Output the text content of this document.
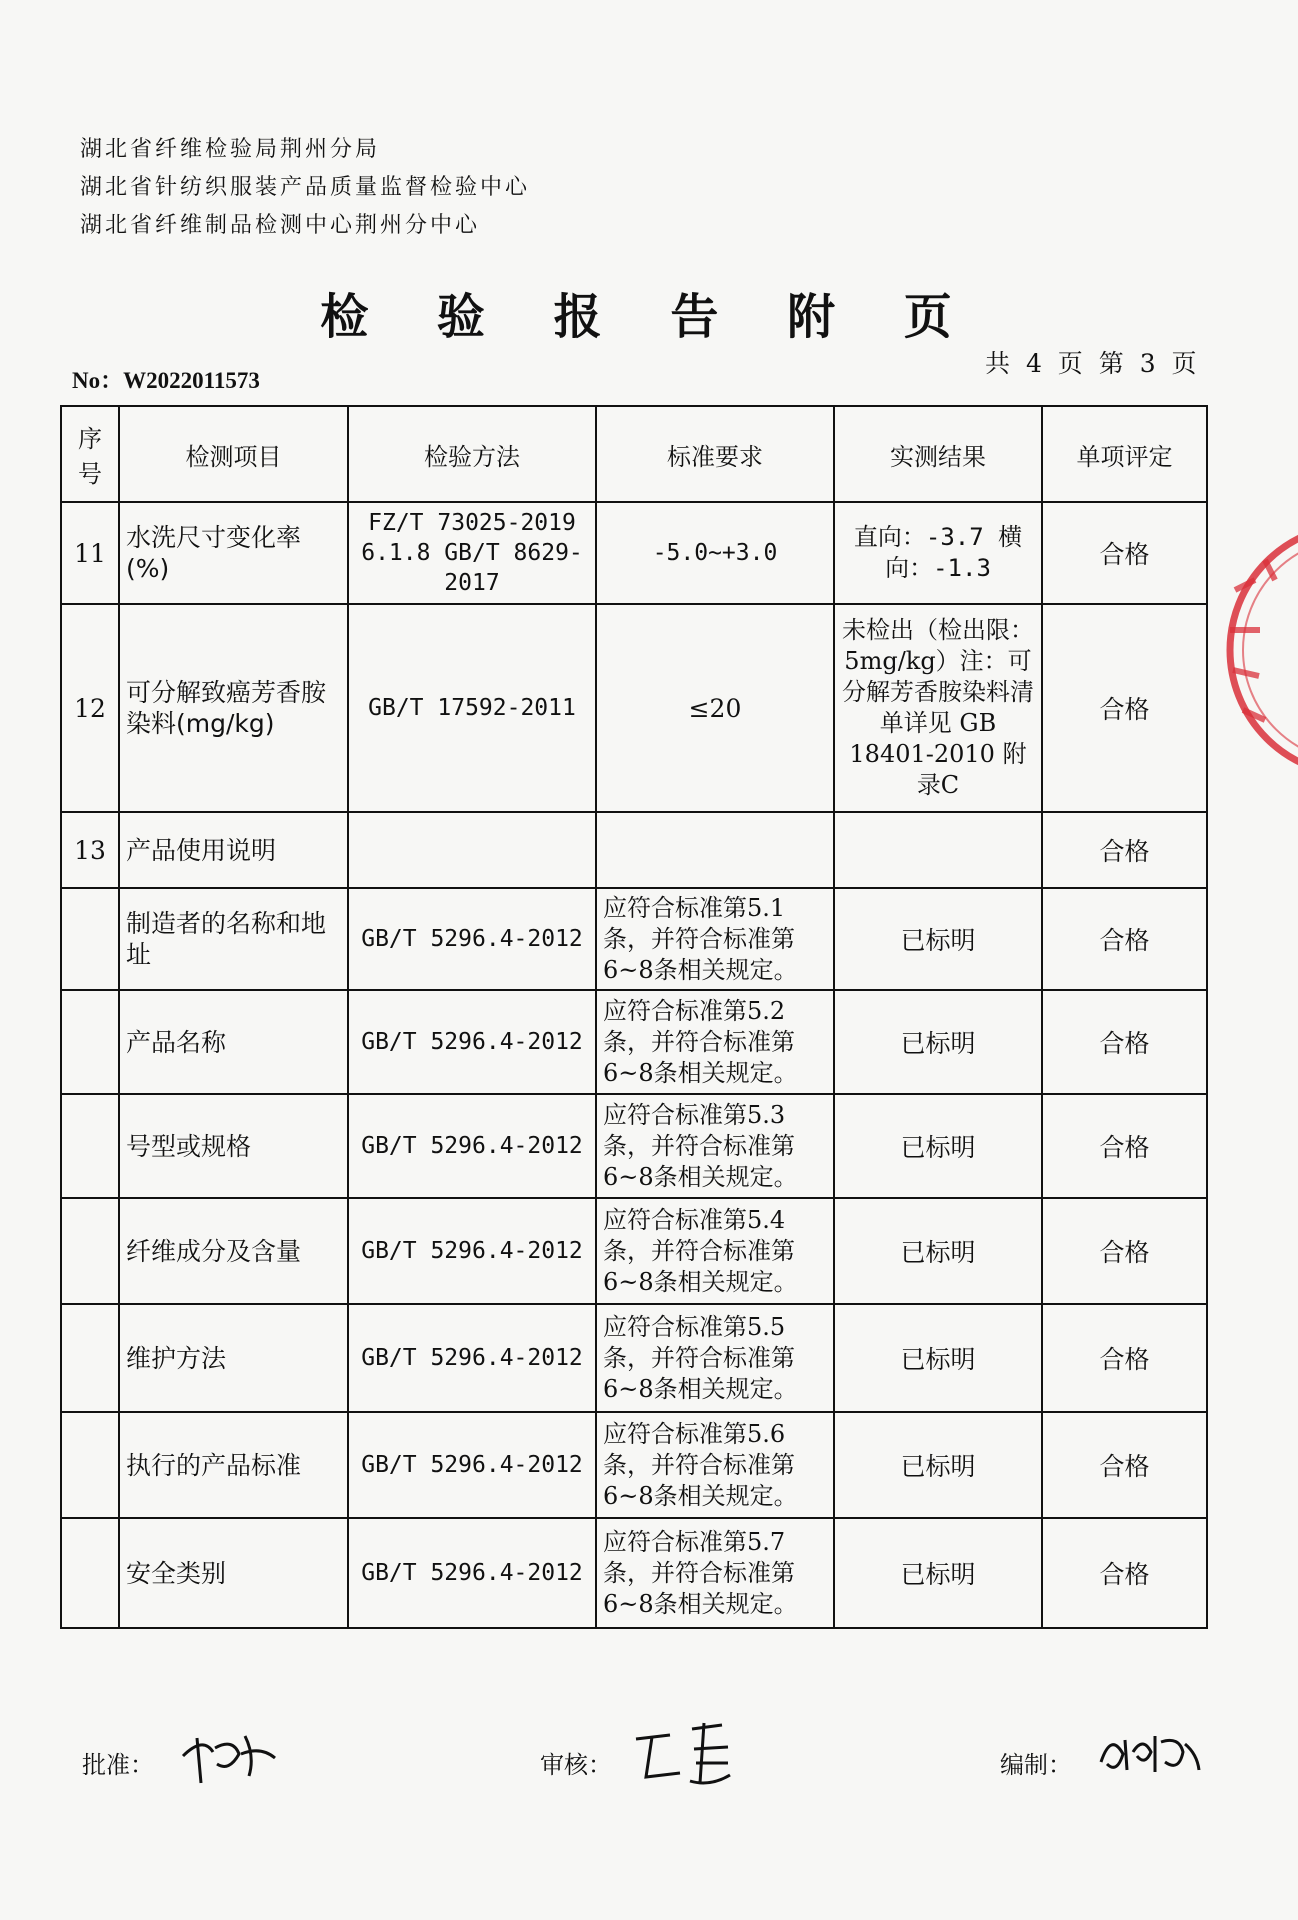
湖北省纤维检验局荆州分局
湖北省针纺织服装产品质量监督检验中心
湖北省纤维制品检测中心荆州分中心
检 验 报 告 附 页
No：W2022011573
共 4 页 第 3 页
序号	检测项目	检验方法	标准要求	实测结果	单项评定
11	水洗尺寸变化率(%)	FZ/T 73025-2019 6.1.8 GB/T 8629-2017	-5.0~+3.0	直向：-3.7 横向：-1.3	合格
12	可分解致癌芳香胺染料(mg/kg)	GB/T 17592-2011	≤20	未检出（检出限：5mg/kg）注：可分解芳香胺染料清单详见 GB 18401-2010 附录C	合格
13	产品使用说明				合格
	制造者的名称和地址	GB/T 5296.4-2012	应符合标准第5.1条，并符合标准第6~8条相关规定。	已标明	合格
	产品名称	GB/T 5296.4-2012	应符合标准第5.2条，并符合标准第6~8条相关规定。	已标明	合格
	号型或规格	GB/T 5296.4-2012	应符合标准第5.3条，并符合标准第6~8条相关规定。	已标明	合格
	纤维成分及含量	GB/T 5296.4-2012	应符合标准第5.4条，并符合标准第6~8条相关规定。	已标明	合格
	维护方法	GB/T 5296.4-2012	应符合标准第5.5条，并符合标准第6~8条相关规定。	已标明	合格
	执行的产品标准	GB/T 5296.4-2012	应符合标准第5.6条，并符合标准第6~8条相关规定。	已标明	合格
	安全类别	GB/T 5296.4-2012	应符合标准第5.7条，并符合标准第6~8条相关规定。	已标明	合格
批准：	审核：	编制：
